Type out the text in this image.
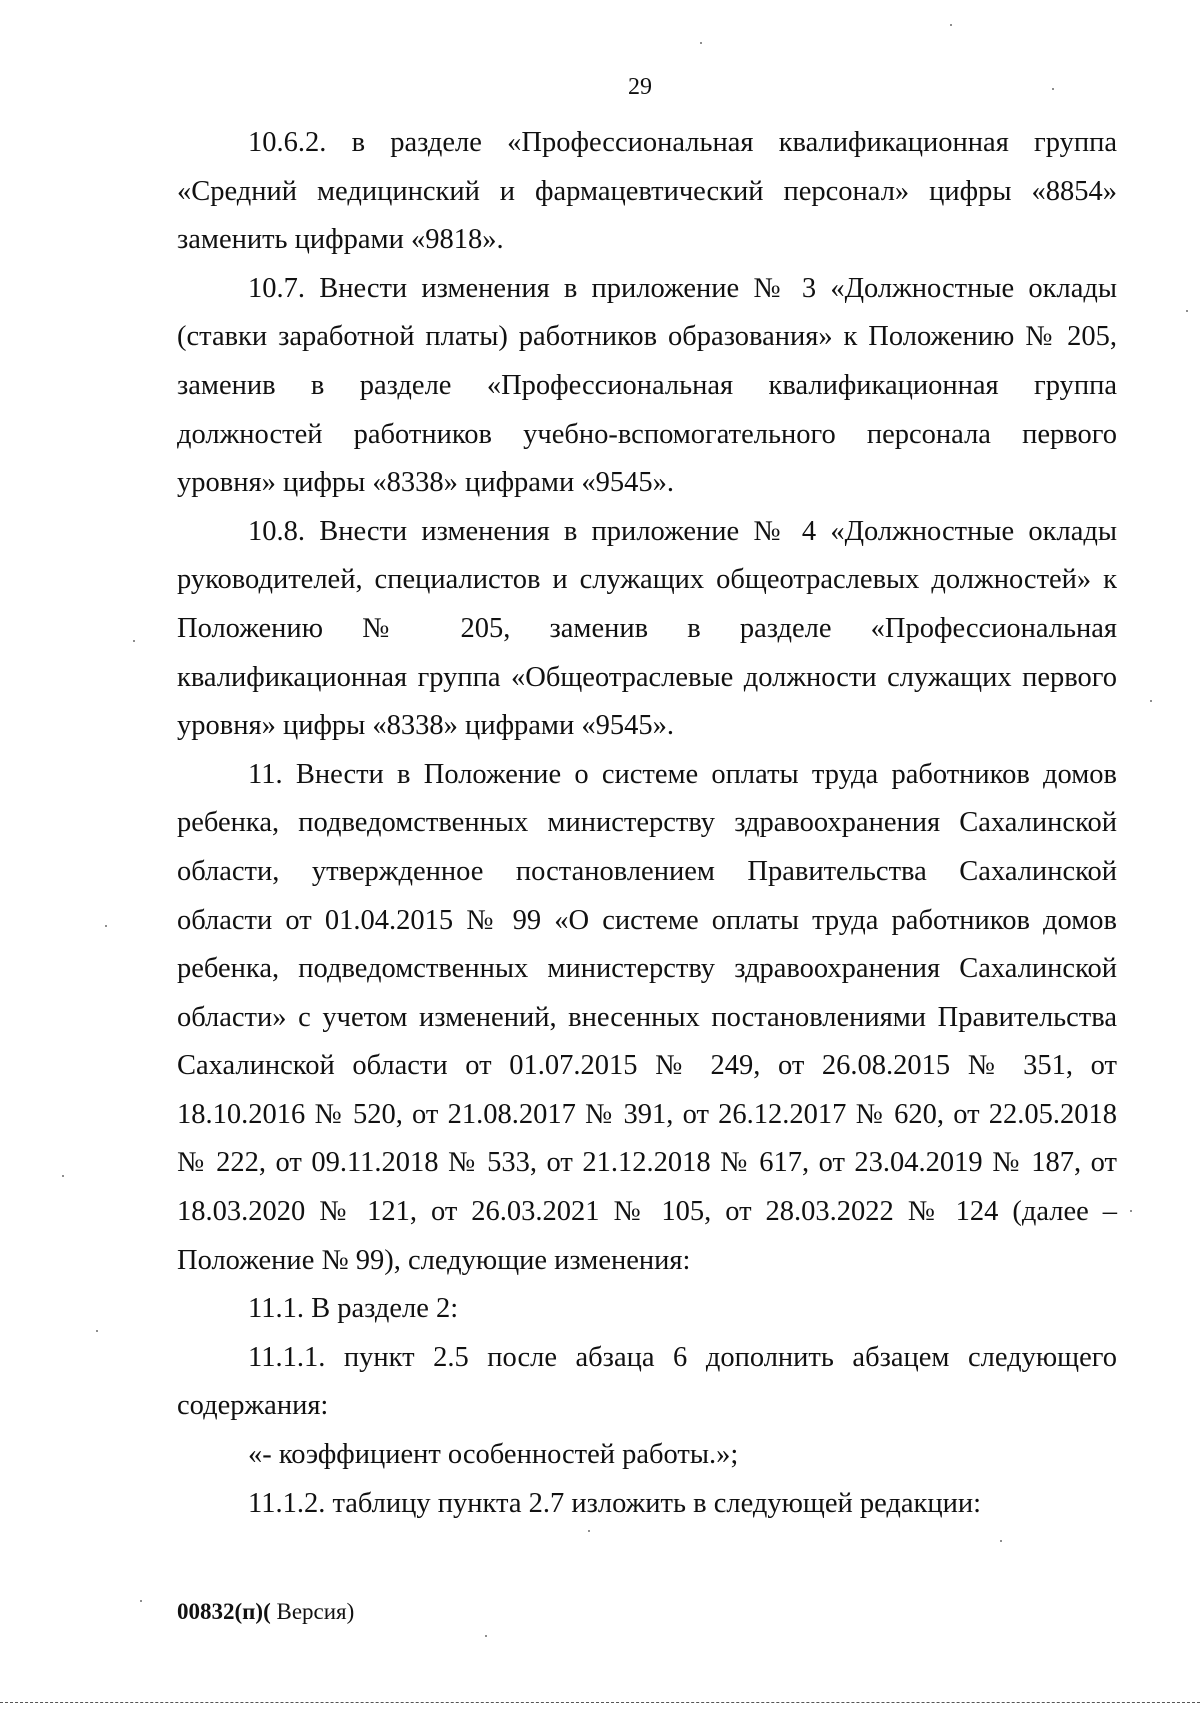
29

10.6.2. в разделе «Профессиональная квалификационная группа «Средний медицинский и фармацевтический персонал» цифры «8854» заменить цифрами «9818».

10.7. Внести изменения в приложение № 3 «Должностные оклады (ставки заработной платы) работников образования» к Положению № 205, заменив в разделе «Профессиональная квалификационная группа должностей работников учебно-вспомогательного персонала первого уровня» цифры «8338» цифрами «9545».

10.8. Внести изменения в приложение № 4 «Должностные оклады руководителей, специалистов и служащих общеотраслевых должностей» к Положению № 205, заменив в разделе «Профессиональная квалификационная группа «Общеотраслевые должности служащих первого уровня» цифры «8338» цифрами «9545».

11. Внести в Положение о системе оплаты труда работников домов ребенка, подведомственных министерству здравоохранения Сахалинской области, утвержденное постановлением Правительства Сахалинской области от 01.04.2015 № 99 «О системе оплаты труда работников домов ребенка, подведомственных министерству здравоохранения Сахалинской области» с учетом изменений, внесенных постановлениями Правительства Сахалинской области от 01.07.2015 № 249, от 26.08.2015 № 351, от 18.10.2016 № 520, от 21.08.2017 № 391, от 26.12.2017 № 620, от 22.05.2018 № 222, от 09.11.2018 № 533, от 21.12.2018 № 617, от 23.04.2019 № 187, от 18.03.2020 № 121, от 26.03.2021 № 105, от 28.03.2022 № 124 (далее – Положение № 99), следующие изменения:

11.1. В разделе 2:

11.1.1. пункт 2.5 после абзаца 6 дополнить абзацем следующего содержания:

«- коэффициент особенностей работы.»;

11.1.2. таблицу пункта 2.7 изложить в следующей редакции:

00832(п)( Версия)
